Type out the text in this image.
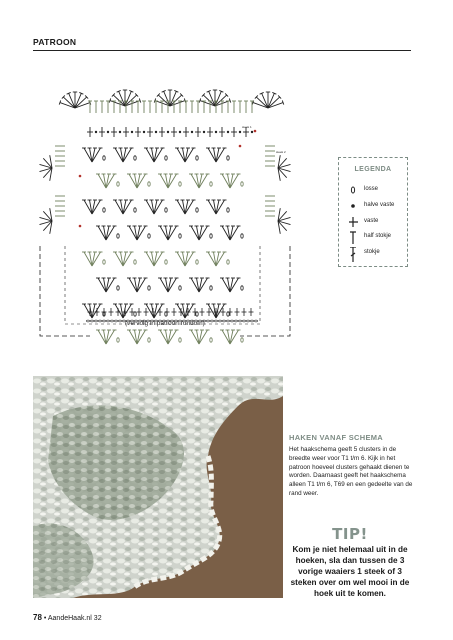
PATROON
steek 1
steek 2
(vervolg in patroon rondom)
LEGENDA
losse
halve vaste
vaste
half stokje
stokje
HAKEN VANAF SCHEMA
Het haakschema geeft 5 clusters in de breedte weer voor T1 t/m 6. Kijk in het patroon hoeveel clusters gehaakt dienen te worden. Daarnaast geeft het haakschema alleen T1 t/m 6, T69 en een gedeelte van de rand weer.
TIP!
Kom je niet helemaal uit in de hoeken, sla dan tussen de 3 vorige waaiers 1 steek of 3 steken over om wel mooi in de hoek uit te komen.
78 • AandeHaak.nl 32
